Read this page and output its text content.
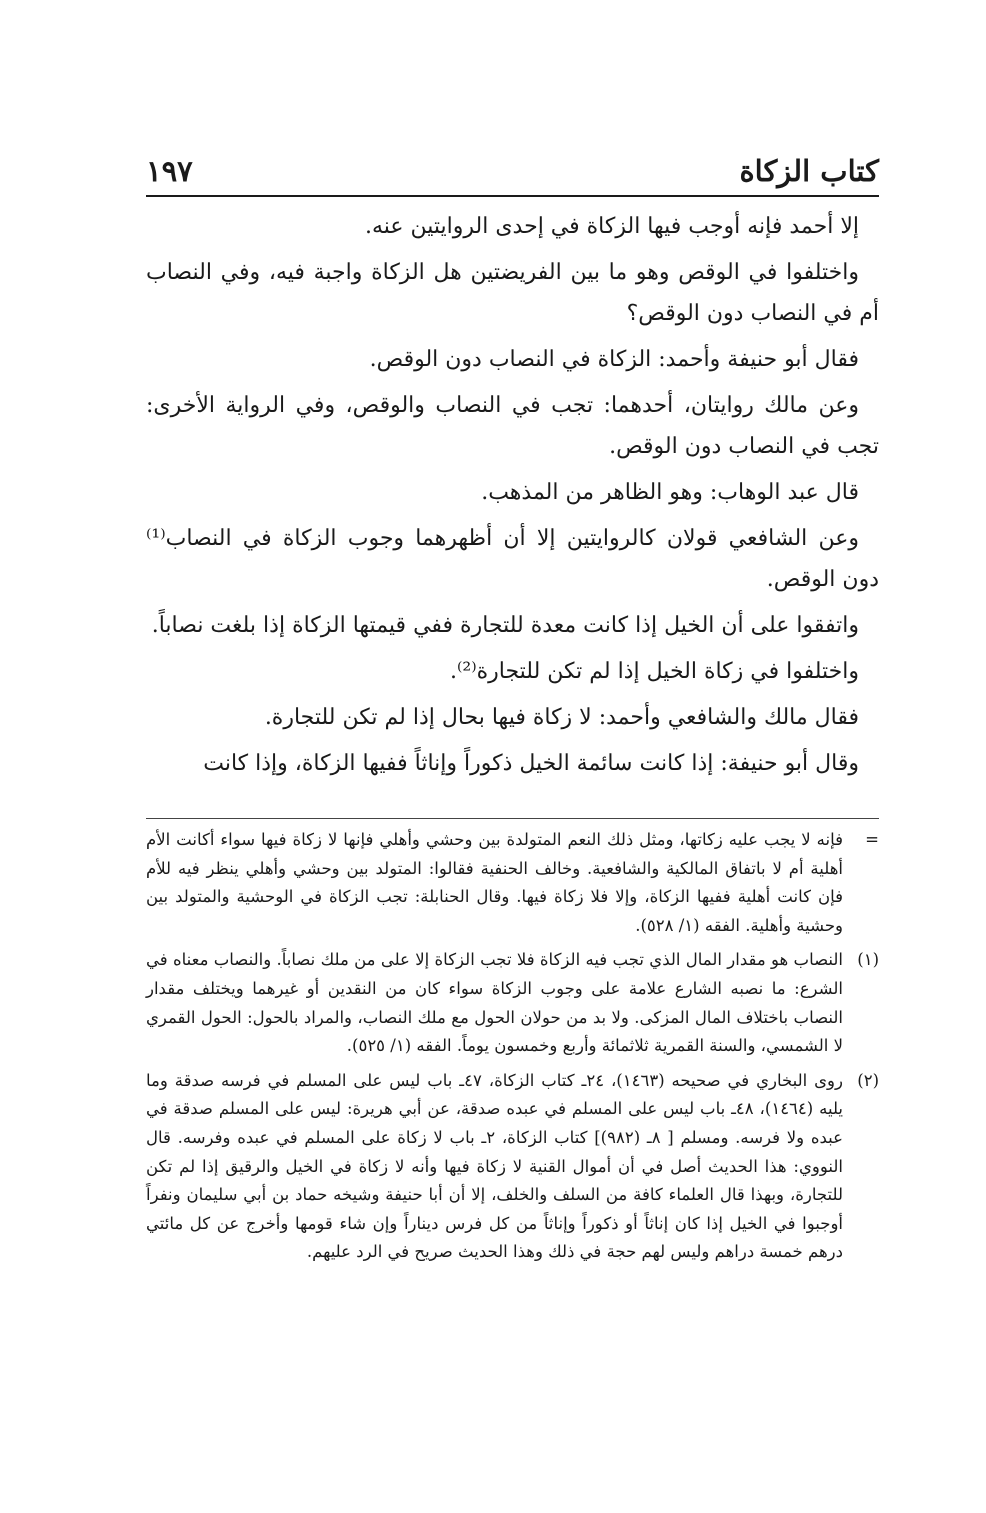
كتاب الزكاة
١٩٧

إلا أحمد فإنه أوجب فيها الزكاة في إحدى الروايتين عنه.

واختلفوا في الوقص وهو ما بين الفريضتين هل الزكاة واجبة فيه، وفي النصاب أم في النصاب دون الوقص؟

فقال أبو حنيفة وأحمد: الزكاة في النصاب دون الوقص.

وعن مالك روايتان، أحدهما: تجب في النصاب والوقص، وفي الرواية الأخرى: تجب في النصاب دون الوقص.

قال عبد الوهاب: وهو الظاهر من المذهب.

وعن الشافعي قولان كالروايتين إلا أن أظهرهما وجوب الزكاة في النصاب⁽¹⁾ دون الوقص.

واتفقوا على أن الخيل إذا كانت معدة للتجارة ففي قيمتها الزكاة إذا بلغت نصاباً.

واختلفوا في زكاة الخيل إذا لم تكن للتجارة⁽²⁾.

فقال مالك والشافعي وأحمد: لا زكاة فيها بحال إذا لم تكن للتجارة.

وقال أبو حنيفة: إذا كانت سائمة الخيل ذكوراً وإناثاً ففيها الزكاة، وإذا كانت

=
فإنه لا يجب عليه زكاتها، ومثل ذلك النعم المتولدة بين وحشي وأهلي فإنها لا زكاة فيها سواء أكانت الأم أهلية أم لا باتفاق المالكية والشافعية. وخالف الحنفية فقالوا: المتولد بين وحشي وأهلي ينظر فيه للأم فإن كانت أهلية ففيها الزكاة، وإلا فلا زكاة فيها. وقال الحنابلة: تجب الزكاة في الوحشية والمتولد بين وحشية وأهلية. الفقه (١/ ٥٢٨).
(١)
النصاب هو مقدار المال الذي تجب فيه الزكاة فلا تجب الزكاة إلا على من ملك نصاباً. والنصاب معناه في الشرع: ما نصبه الشارع علامة على وجوب الزكاة سواء كان من النقدين أو غيرهما ويختلف مقدار النصاب باختلاف المال المزكى. ولا بد من حولان الحول مع ملك النصاب، والمراد بالحول: الحول القمري لا الشمسي، والسنة القمرية ثلاثمائة وأربع وخمسون يوماً. الفقه (١/ ٥٢٥).
(٢)
روى البخاري في صحيحه (١٤٦٣)، ٢٤ـ كتاب الزكاة، ٤٧ـ باب ليس على المسلم في فرسه صدقة وما يليه (١٤٦٤)، ٤٨ـ باب ليس على المسلم في عبده صدقة، عن أبي هريرة: ليس على المسلم صدقة في عبده ولا فرسه. ومسلم [ ٨ـ (٩٨٢)] كتاب الزكاة، ٢ـ باب لا زكاة على المسلم في عبده وفرسه. قال النووي: هذا الحديث أصل في أن أموال القنية لا زكاة فيها وأنه لا زكاة في الخيل والرقيق إذا لم تكن للتجارة، وبهذا قال العلماء كافة من السلف والخلف، إلا أن أبا حنيفة وشيخه حماد بن أبي سليمان ونفراً أوجبوا في الخيل إذا كان إناثاً أو ذكوراً وإناثاً من كل فرس ديناراً وإن شاء قومها وأخرج عن كل مائتي درهم خمسة دراهم وليس لهم حجة في ذلك وهذا الحديث صريح في الرد عليهم.
